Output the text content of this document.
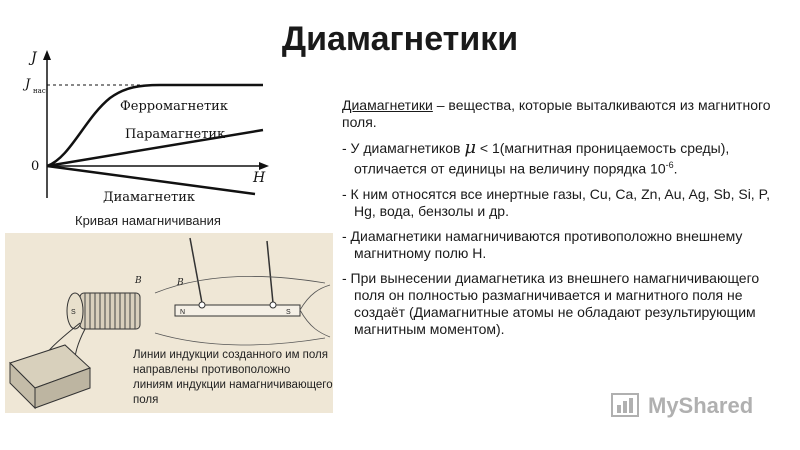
Диамагнетики
J
H
0
J нас
Ферромагнетик
Парамагнетик
Диамагнетик
Кривая намагничивания
N	S
S
B	B
Линии индукции созданного им поля направлены противоположно линиям индукции намагничивающего поля

Диамагнетики – вещества, которые выталкиваются из магнитного поля.

- У диамагнетиков μ < 1(магнитная проницаемость среды), отличается от единицы на величину порядка $10^{-6}$.

- К ним относятся все инертные газы, Cu, Ca, Zn, Au, Ag, Sb, Si, P, Hg, вода, бензолы и др.

- Диамагнетики намагничиваются противоположно внешнему магнитному полю H.

- При вынесении диамагнетика из внешнего намагничивающего поля он полностью размагничивается и магнитного поля не создаёт (Диамагнитные атомы не обладают результирующим магнитным моментом).

MyShared
